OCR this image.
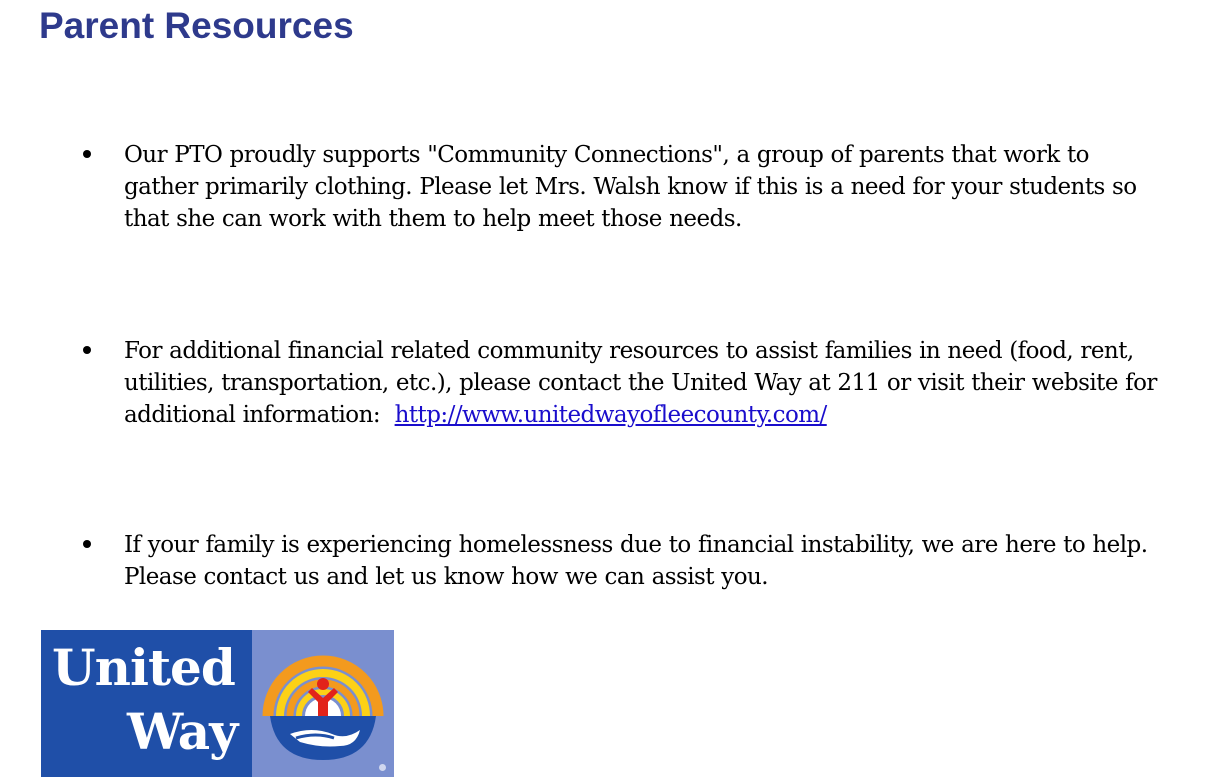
Parent Resources

Our PTO proudly supports "Community Connections", a group of parents that work to gather primarily clothing. Please let Mrs. Walsh know if this is a need for your students so that she can work with them to help meet those needs.

For additional financial related community resources to assist families in need (food, rent, utilities, transportation, etc.), please contact the United Way at 211 or visit their website for additional information:  http://www.unitedwayofleecounty.com/

If your family is experiencing homelessness due to financial instability, we are here to help.  Please contact us and let us know how we can assist you.

United
Way
